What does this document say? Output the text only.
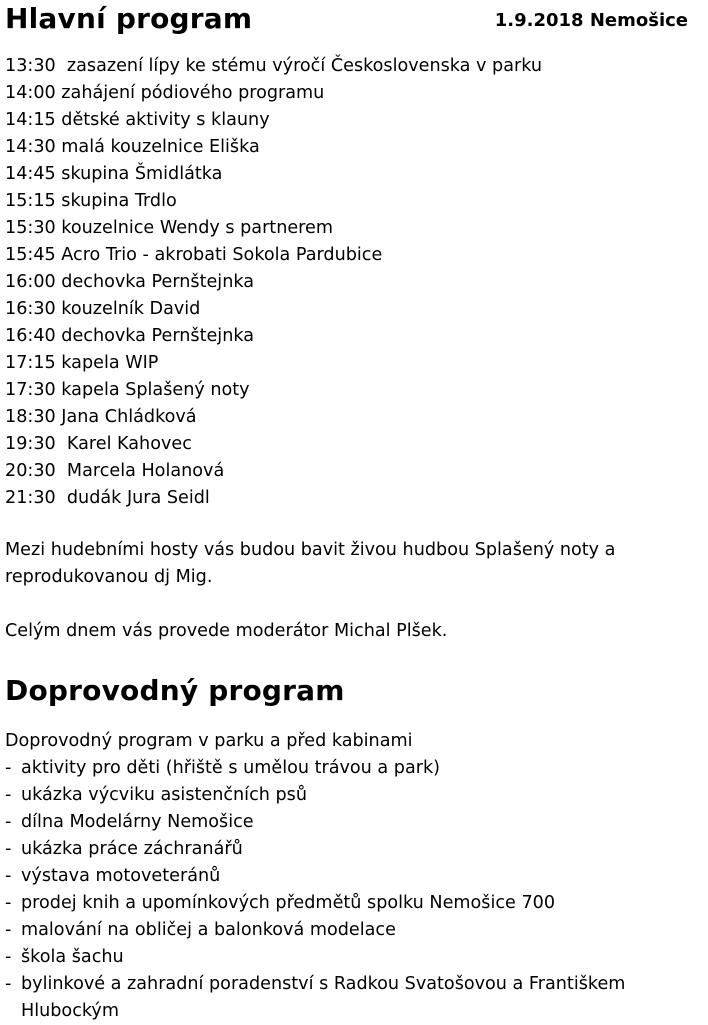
Hlavní program	1.9.2018 Nemošice
13:30  zasazení lípy ke stému výročí Československa v parku
14:00 zahájení pódiového programu
14:15 dětské aktivity s klauny
14:30 malá kouzelnice Eliška
14:45 skupina Šmidlátka
15:15 skupina Trdlo
15:30 kouzelnice Wendy s partnerem
15:45 Acro Trio - akrobati Sokola Pardubice
16:00 dechovka Pernštejnka
16:30 kouzelník David
16:40 dechovka Pernštejnka
17:15 kapela WIP
17:30 kapela Splašený noty
18:30 Jana Chládková
19:30  Karel Kahovec
20:30  Marcela Holanová
21:30  dudák Jura Seidl

Mezi hudebními hosty vás budou bavit živou hudbou Splašený noty a reprodukovanou dj Mig.

Celým dnem vás provede moderátor Michal Plšek.

Doprovodný program

Doprovodný program v parku a před kabinami

- aktivity pro děti (hřiště s umělou trávou a park)
- ukázka výcviku asistenčních psů
- dílna Modelárny Nemošice
- ukázka práce záchranářů
- výstava motoveteránů
- prodej knih a upomínkových předmětů spolku Nemošice 700
- malování na obličej a balonková modelace
- škola šachu
- bylinkové a zahradní poradenství s Radkou Svatošovou a Františkem Hlubockým
